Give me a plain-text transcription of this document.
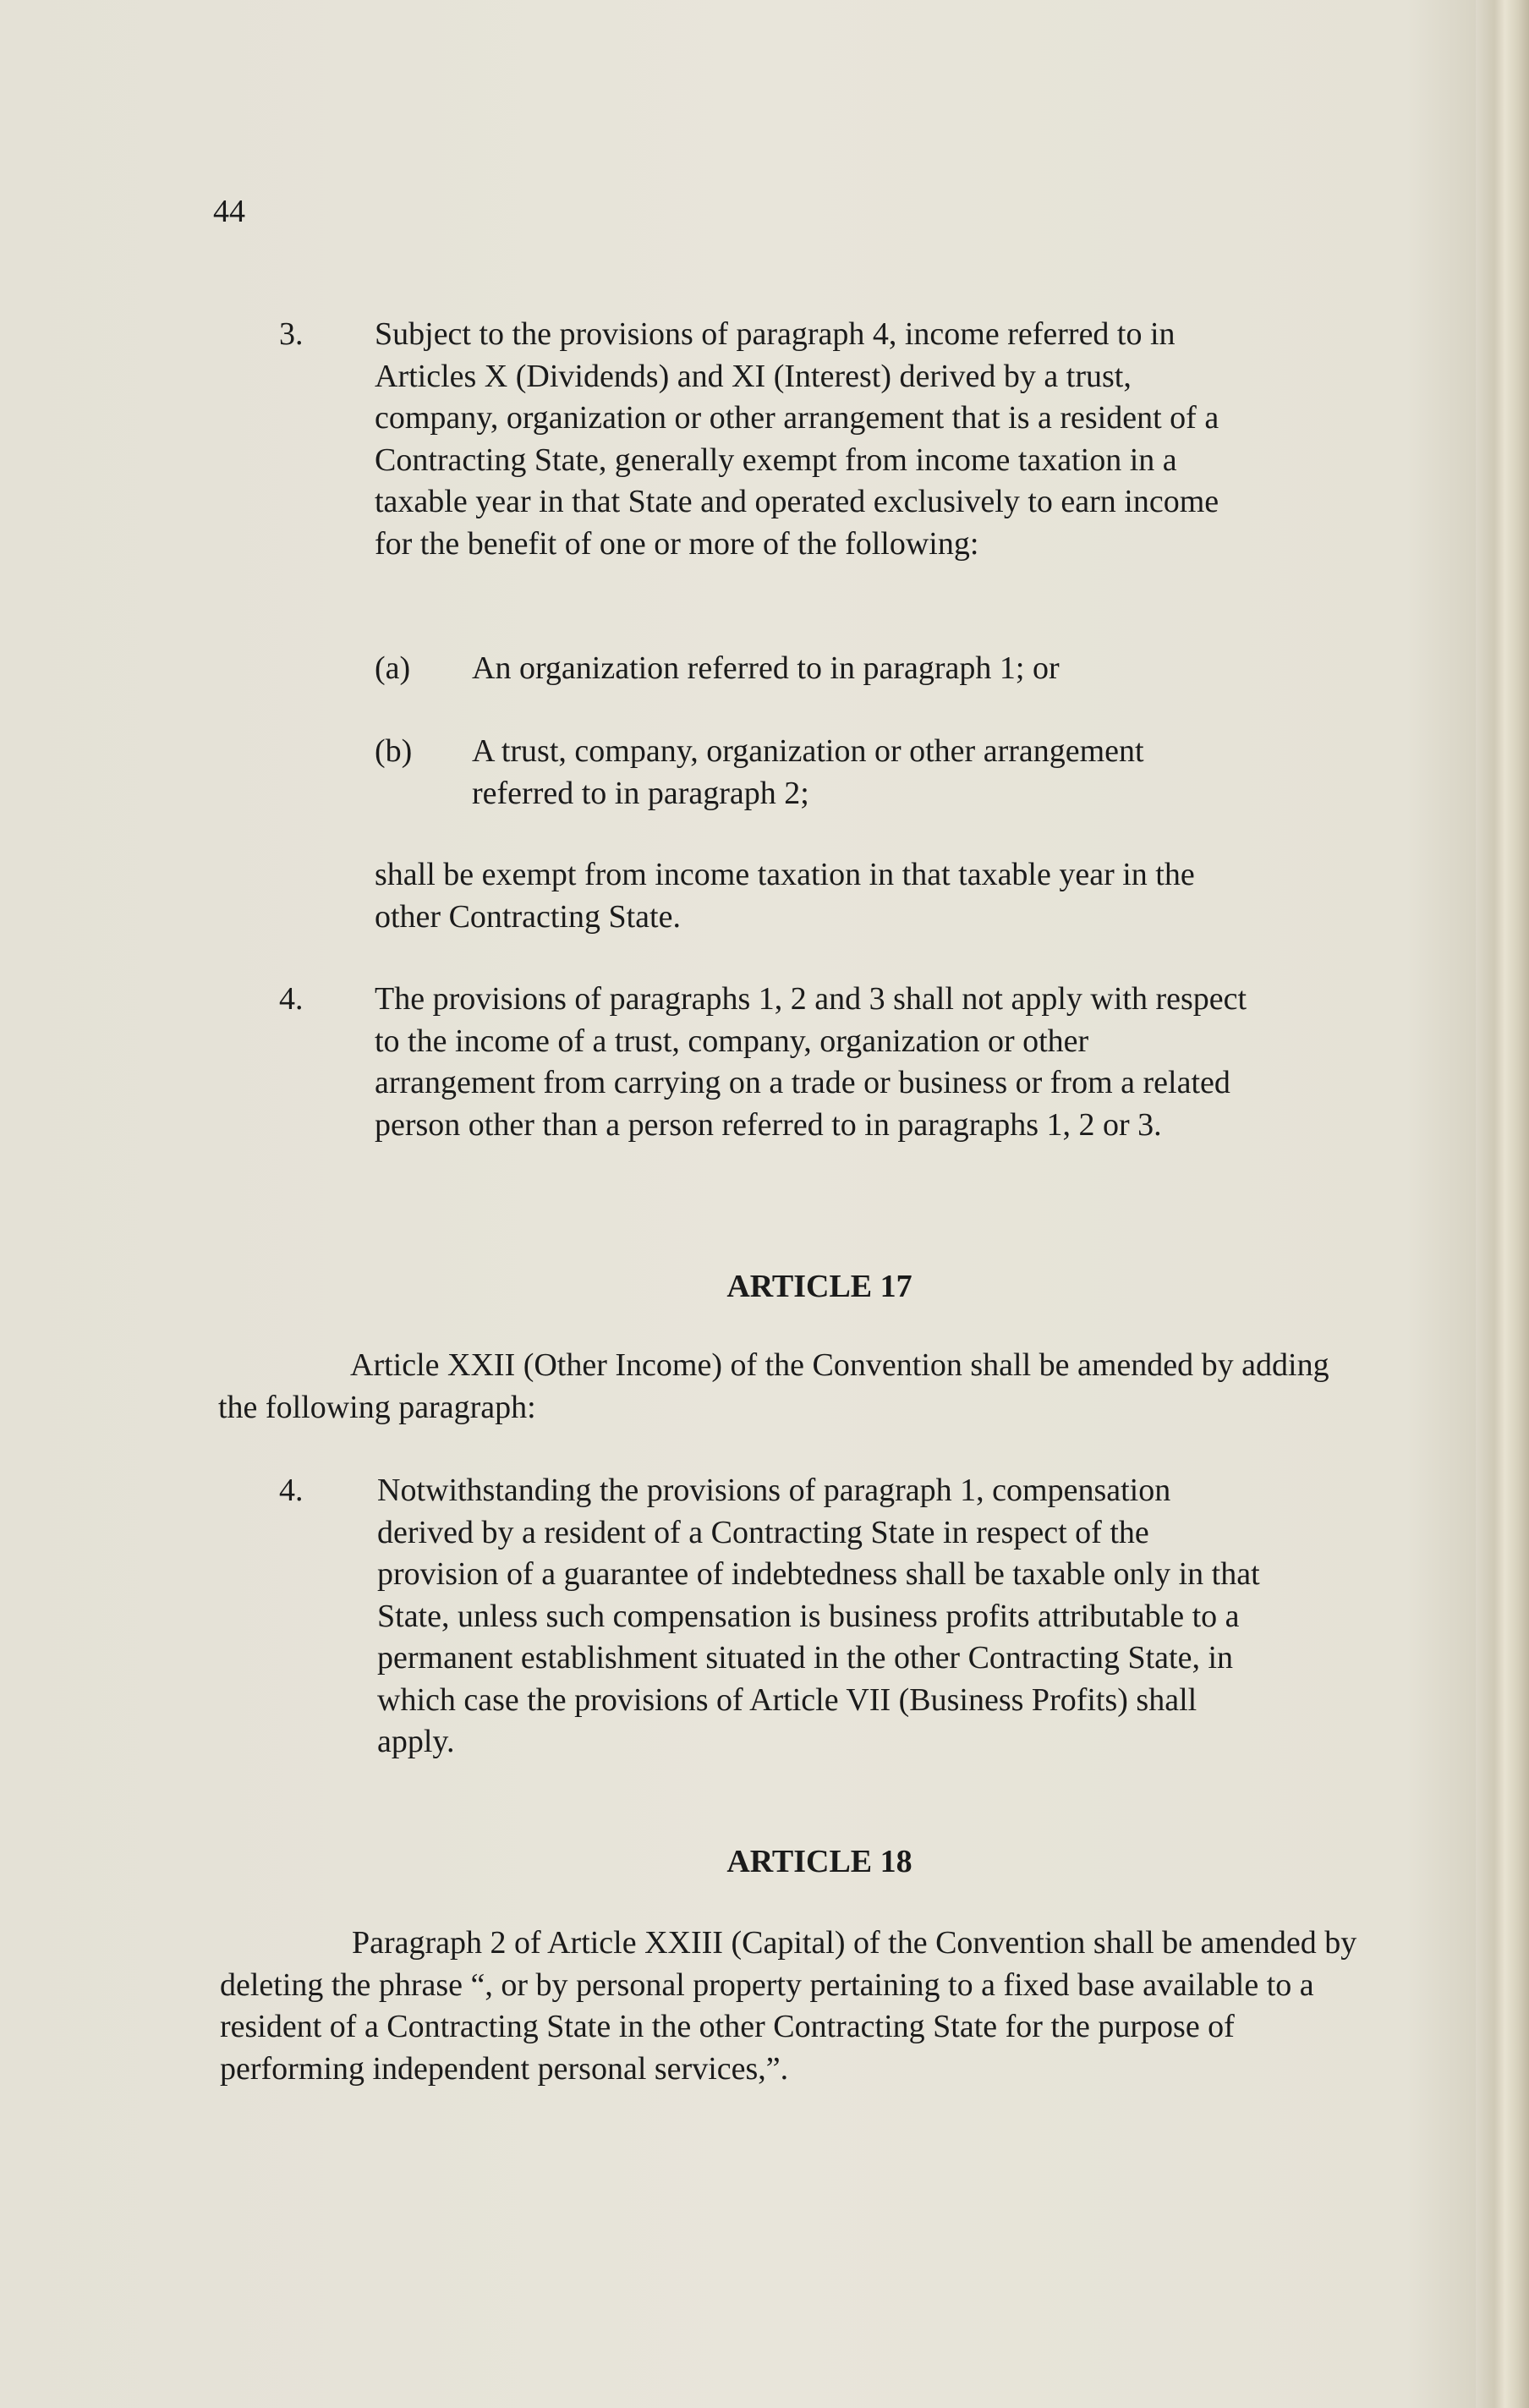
44
3. Subject to the provisions of paragraph 4, income referred to in Articles X (Dividends) and XI (Interest) derived by a trust, company, organization or other arrangement that is a resident of a Contracting State, generally exempt from income taxation in a taxable year in that State and operated exclusively to earn income for the benefit of one or more of the following:

(a) An organization referred to in paragraph 1; or

(b) A trust, company, organization or other arrangement referred to in paragraph 2;

shall be exempt from income taxation in that taxable year in the other Contracting State.

4. The provisions of paragraphs 1, 2 and 3 shall not apply with respect to the income of a trust, company, organization or other arrangement from carrying on a trade or business or from a related person other than a person referred to in paragraphs 1, 2 or 3.

ARTICLE 17

Article XXII (Other Income) of the Convention shall be amended by adding the following paragraph:

4. Notwithstanding the provisions of paragraph 1, compensation derived by a resident of a Contracting State in respect of the provision of a guarantee of indebtedness shall be taxable only in that State, unless such compensation is business profits attributable to a permanent establishment situated in the other Contracting State, in which case the provisions of Article VII (Business Profits) shall apply.

ARTICLE 18

Paragraph 2 of Article XXIII (Capital) of the Convention shall be amended by deleting the phrase “, or by personal property pertaining to a fixed base available to a resident of a Contracting State in the other Contracting State for the purpose of performing independent personal services,”.
